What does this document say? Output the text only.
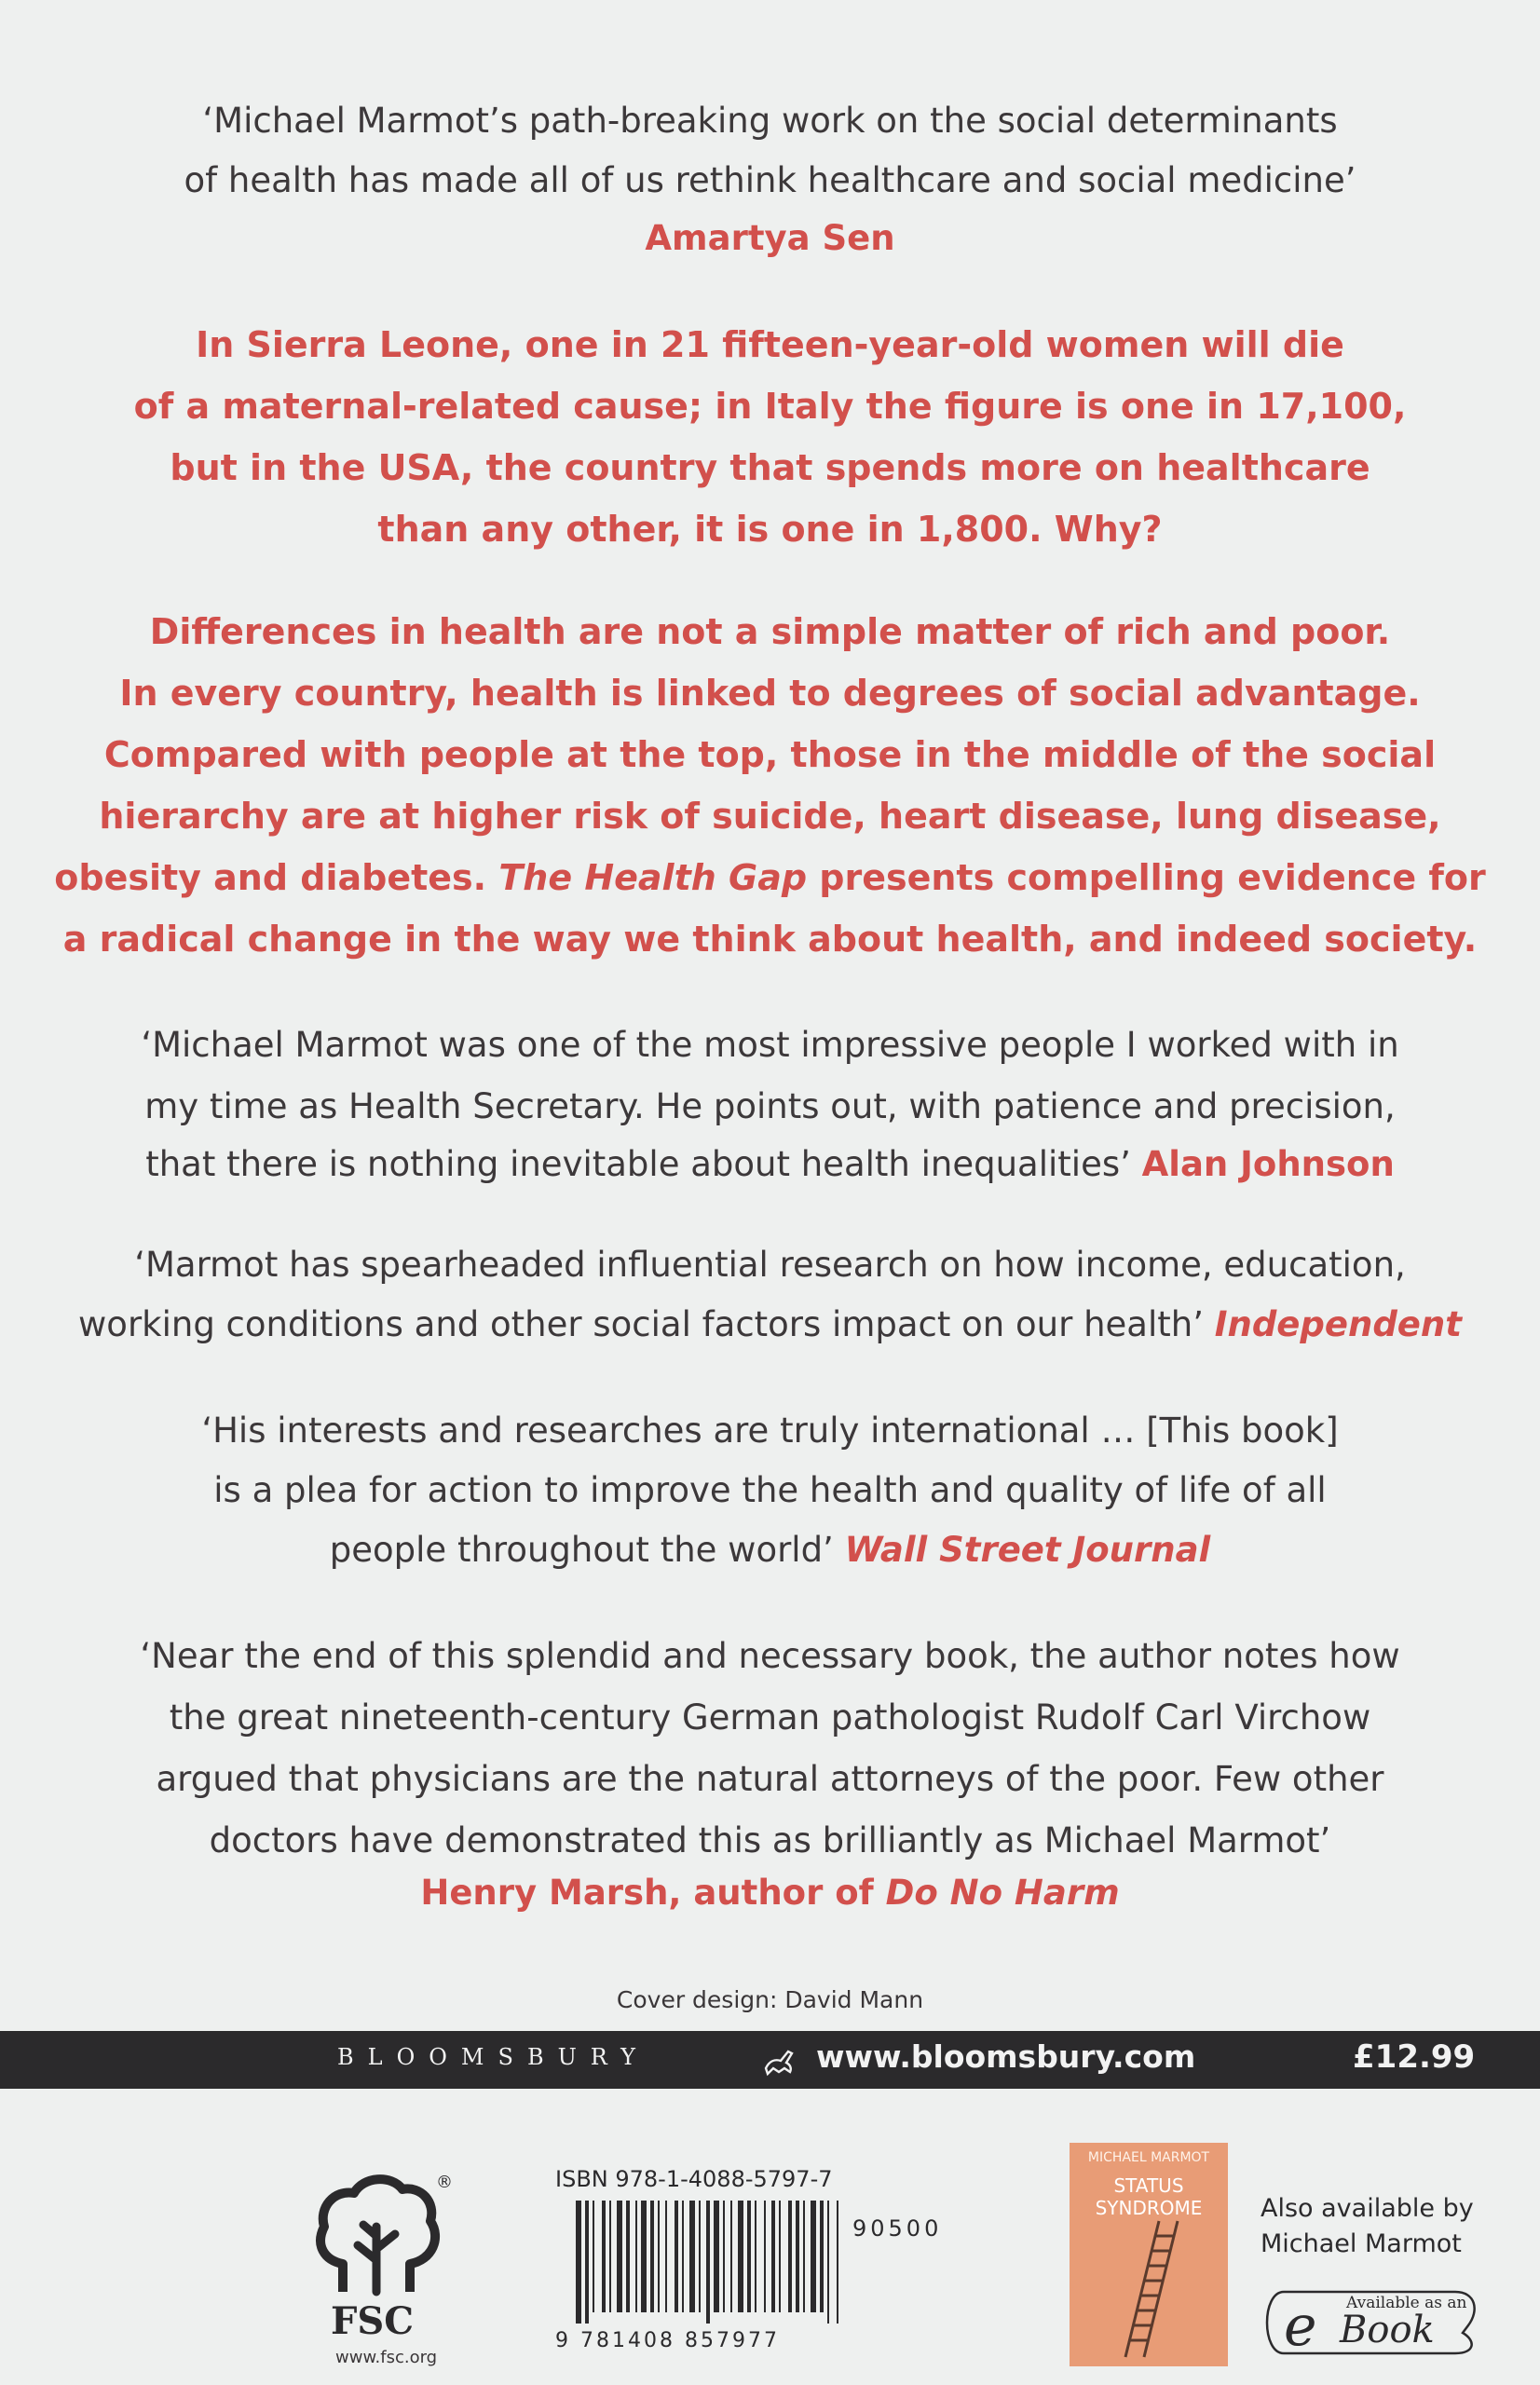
‘Michael Marmot’s path-breaking work on the social determinants
of health has made all of us rethink healthcare and social medicine’
Amartya Sen
In Sierra Leone, one in 21 fifteen-year-old women will die
of a maternal-related cause; in Italy the figure is one in 17,100,
but in the USA, the country that spends more on healthcare
than any other, it is one in 1,800. Why?
Differences in health are not a simple matter of rich and poor.
In every country, health is linked to degrees of social advantage.
Compared with people at the top, those in the middle of the social
hierarchy are at higher risk of suicide, heart disease, lung disease,
obesity and diabetes. The Health Gap presents compelling evidence for
a radical change in the way we think about health, and indeed society.
‘Michael Marmot was one of the most impressive people I worked with in
my time as Health Secretary. He points out, with patience and precision,
that there is nothing inevitable about health inequalities’ Alan Johnson
‘Marmot has spearheaded influential research on how income, education,
working conditions and other social factors impact on our health’ Independent
‘His interests and researches are truly international … [This book]
is a plea for action to improve the health and quality of life of all
people throughout the world’ Wall Street Journal
‘Near the end of this splendid and necessary book, the author notes how
the great nineteenth-century German pathologist Rudolf Carl Virchow
argued that physicians are the natural attorneys of the poor. Few other
doctors have demonstrated this as brilliantly as Michael Marmot’
Henry Marsh, author of Do No Harm
Cover design: David Mann
BLOOMSBURY	www.bloomsbury.com	£12.99
®
FSC
www.fsc.org
ISBN 978-1-4088-5797-7
90500
9 781408 857977
MICHAEL MARMOT
STATUS
SYNDROME	Also available by
Michael Marmot
e Available as an
Book
